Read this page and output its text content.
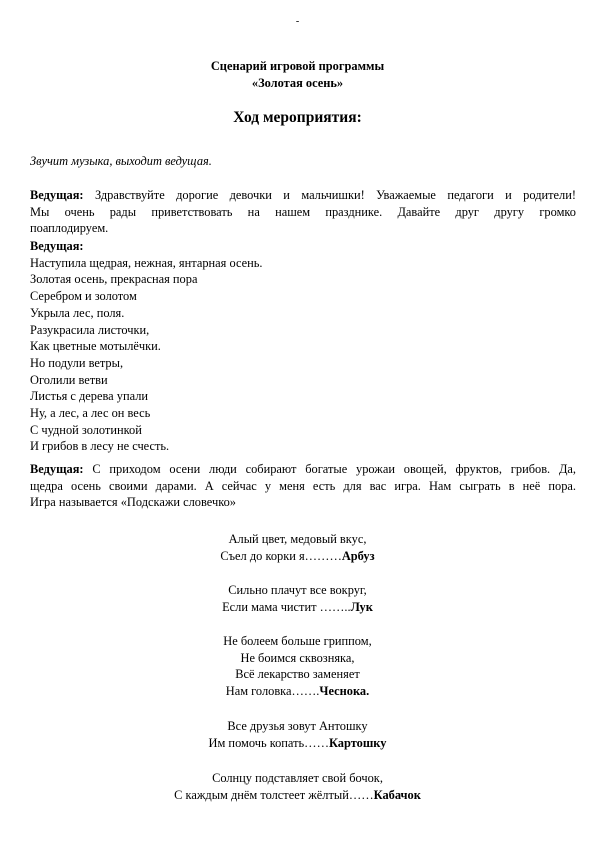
-
Сценарий игровой программы
«Золотая осень»
Ход мероприятия:
Звучит музыка, выходит ведущая.
Ведущая: Здравствуйте дорогие девочки и мальчишки! Уважаемые педагоги и родители!
Мы очень рады приветствовать на нашем празднике. Давайте друг другу громко
поаплодируем.
Ведущая:
Наступила щедрая, нежная, янтарная осень.
Золотая осень, прекрасная пора
Серебром и золотом
Укрыла лес, поля.
Разукрасила листочки,
Как цветные мотылёчки.
Но подули ветры,
Оголили ветви
Листья с дерева упали
Ну, а лес, а лес он весь
С чудной золотинкой
И грибов в лесу не счесть.
Ведущая: С приходом осени люди собирают богатые урожаи овощей, фруктов, грибов. Да,
щедра осень своими дарами. А сейчас у меня есть для вас игра. Нам сыграть в неё пора.
Игра называется «Подскажи словечко»
Алый цвет, медовый вкус,
Съел до корки я………Арбуз
Сильно плачут все вокруг,
Если мама чистит ……..Лук
Не болеем больше гриппом,
Не боимся сквозняка,
Всё лекарство заменяет
Нам головка…….Чеснока.
Все друзья зовут Антошку
Им помочь копать……Картошку
Солнцу подставляет свой бочок,
С каждым днём толстеет жёлтый……Кабачок
